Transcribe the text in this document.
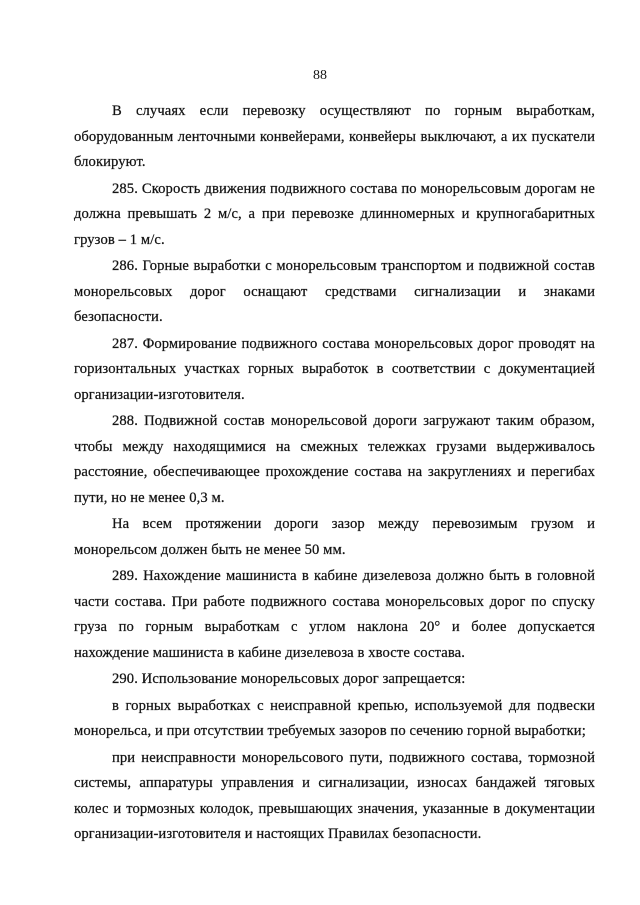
88

В случаях если перевозку осуществляют по горным выработкам, оборудованным ленточными конвейерами, конвейеры выключают, а их пускатели блокируют.

285. Скорость движения подвижного состава по монорельсовым дорогам не должна превышать 2 м/с, а при перевозке длинномерных и крупногабаритных грузов – 1 м/с.

286. Горные выработки с монорельсовым транспортом и подвижной состав монорельсовых дорог оснащают средствами сигнализации и знаками безопасности.

287. Формирование подвижного состава монорельсовых дорог проводят на горизонтальных участках горных выработок в соответствии с документацией организации-изготовителя.

288. Подвижной состав монорельсовой дороги загружают таким образом, чтобы между находящимися на смежных тележках грузами выдерживалось расстояние, обеспечивающее прохождение состава на закруглениях и перегибах пути, но не менее 0,3 м.

На всем протяжении дороги зазор между перевозимым грузом и монорельсом должен быть не менее 50 мм.

289. Нахождение машиниста в кабине дизелевоза должно быть в головной части состава. При работе подвижного состава монорельсовых дорог по спуску груза по горным выработкам с углом наклона 20° и более допускается нахождение машиниста в кабине дизелевоза в хвосте состава.

290. Использование монорельсовых дорог запрещается:

в горных выработках с неисправной крепью, используемой для подвески монорельса, и при отсутствии требуемых зазоров по сечению горной выработки;

при неисправности монорельсового пути, подвижного состава, тормозной системы, аппаратуры управления и сигнализации, износах бандажей тяговых колес и тормозных колодок, превышающих значения, указанные в документации организации-изготовителя и настоящих Правилах безопасности.
